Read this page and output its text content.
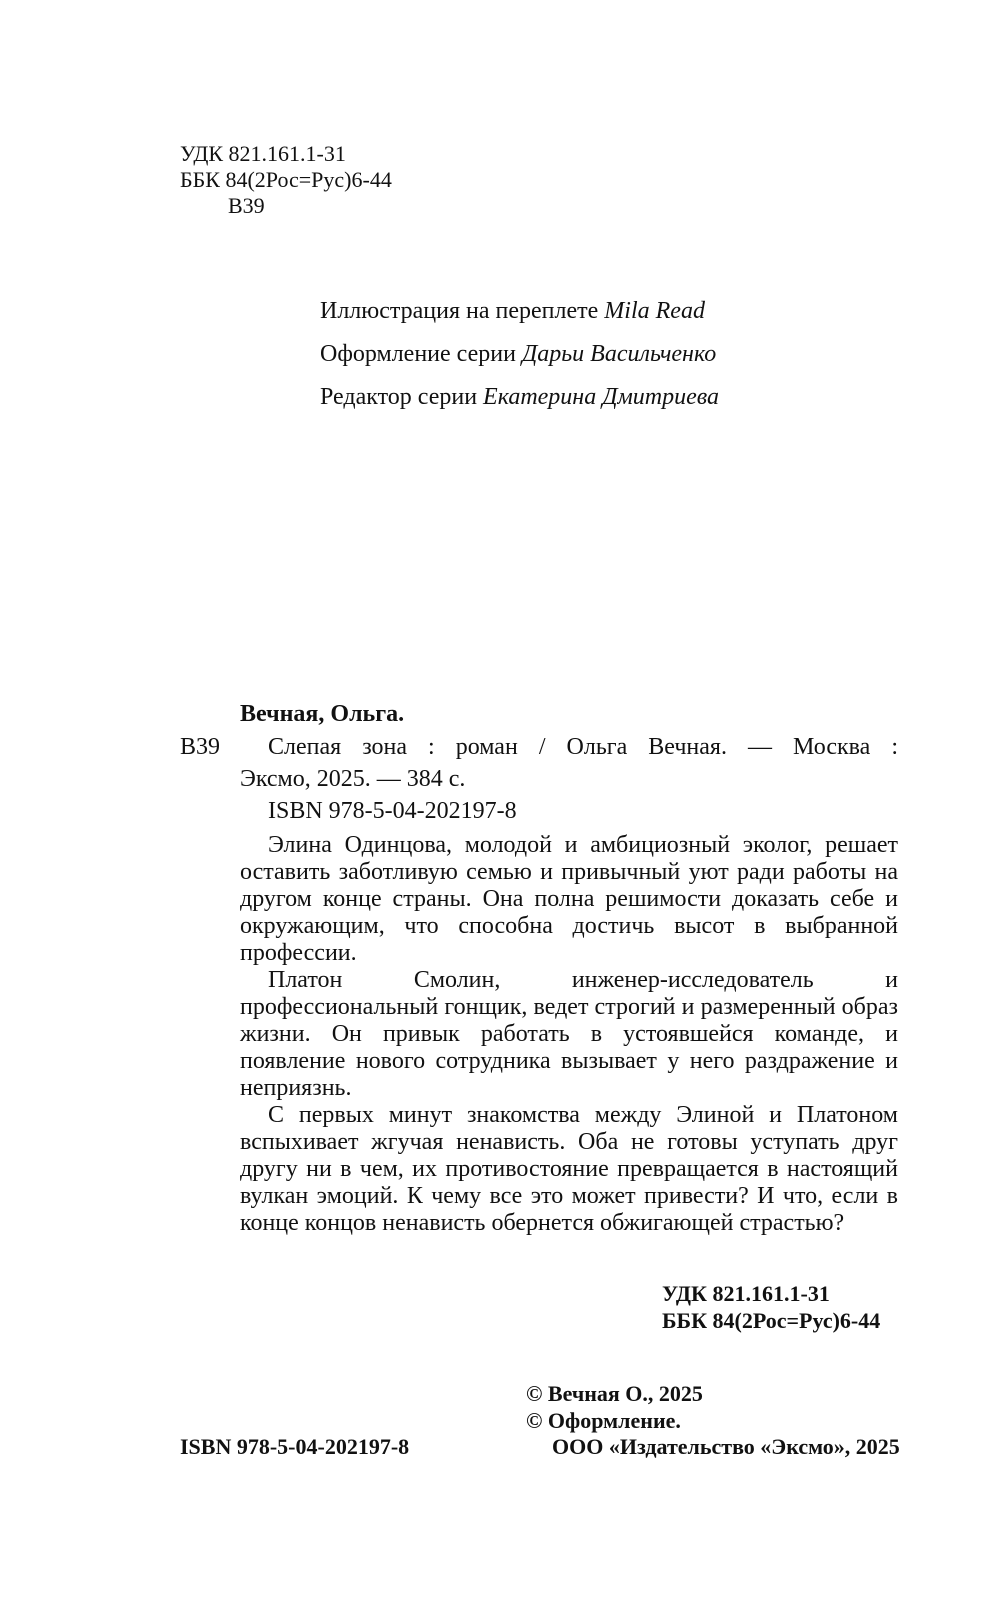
УДК 821.161.1-31
ББК 84(2Рос=Рус)6-44
В39
Иллюстрация на переплете Mila Read
Оформление серии Дарьи Васильченко
Редактор серии Екатерина Дмитриева
Вечная, Ольга.
В39 Слепая зона : роман / Ольга Вечная. — Москва :
Эксмо, 2025. — 384 с.
ISBN 978-5-04-202197-8

Элина Одинцова, молодой и амбициозный эколог, решает оставить заботливую семью и привычный уют ради работы на другом конце страны. Она полна решимости доказать себе и окружающим, что способна достичь высот в выбранной профессии.

Платон Смолин, инженер-исследователь и профессиональный гонщик, ведет строгий и размеренный образ жизни. Он привык работать в устоявшейся команде, и появление нового сотрудника вызывает у него раздражение и неприязнь.

С первых минут знакомства между Элиной и Платоном вспыхивает жгучая ненависть. Оба не готовы уступать друг другу ни в чем, их противостояние превращается в настоящий вулкан эмоций. К чему все это может привести? И что, если в конце концов ненависть обернется обжигающей страстью?

УДК 821.161.1-31
ББК 84(2Рос=Рус)6-44
© Вечная О., 2025
© Оформление.
ISBN 978-5-04-202197-8	ООО «Издательство «Эксмо», 2025
